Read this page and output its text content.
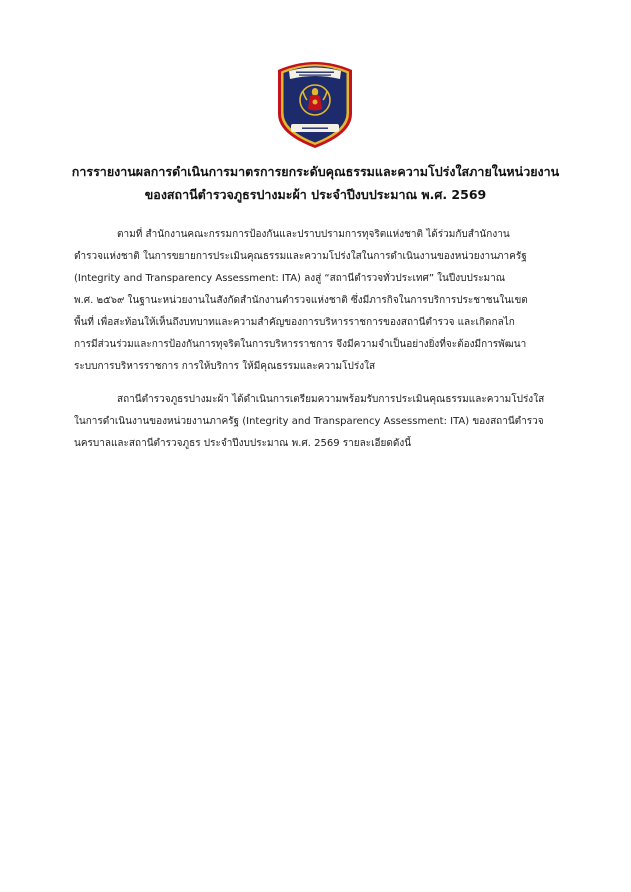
การรายงานผลการดำเนินการมาตรการยกระดับคุณธรรมและความโปร่งใสภายในหน่วยงาน
ของสถานีตำรวจภูธรปางมะผ้า ประจำปีงบประมาณ พ.ศ. 2569
ตามที่ สำนักงานคณะกรรมการป้องกันและปราบปรามการทุจริตแห่งชาติ ได้ร่วมกับสำนักงาน
ตำรวจแห่งชาติ ในการขยายการประเมินคุณธรรมและความโปร่งใสในการดำเนินงานของหน่วยงานภาครัฐ
(Integrity and Transparency Assessment: ITA) ลงสู่ “สถานีตำรวจทั่วประเทศ” ในปีงบประมาณ
พ.ศ. ๒๕๖๙ ในฐานะหน่วยงานในสังกัดสำนักงานตำรวจแห่งชาติ ซึ่งมีภารกิจในการบริการประชาชนในเขต
พื้นที่ เพื่อสะท้อนให้เห็นถึงบทบาทและความสำคัญของการบริหารราชการของสถานีตำรวจ และเกิดกลไก
การมีส่วนร่วมและการป้องกันการทุจริตในการบริหารราชการ จึงมีความจำเป็นอย่างยิ่งที่จะต้องมีการพัฒนา
ระบบการบริหารราชการ การให้บริการ ให้มีคุณธรรมและความโปร่งใส
สถานีตำรวจภูธรปางมะผ้า ได้ดำเนินการเตรียมความพร้อมรับการประเมินคุณธรรมและความโปร่งใส
ในการดำเนินงานของหน่วยงานภาครัฐ (Integrity and Transparency Assessment: ITA) ของสถานีตำรวจ
นครบาลและสถานีตำรวจภูธร ประจำปีงบประมาณ พ.ศ. 2569 รายละเอียดดังนี้
